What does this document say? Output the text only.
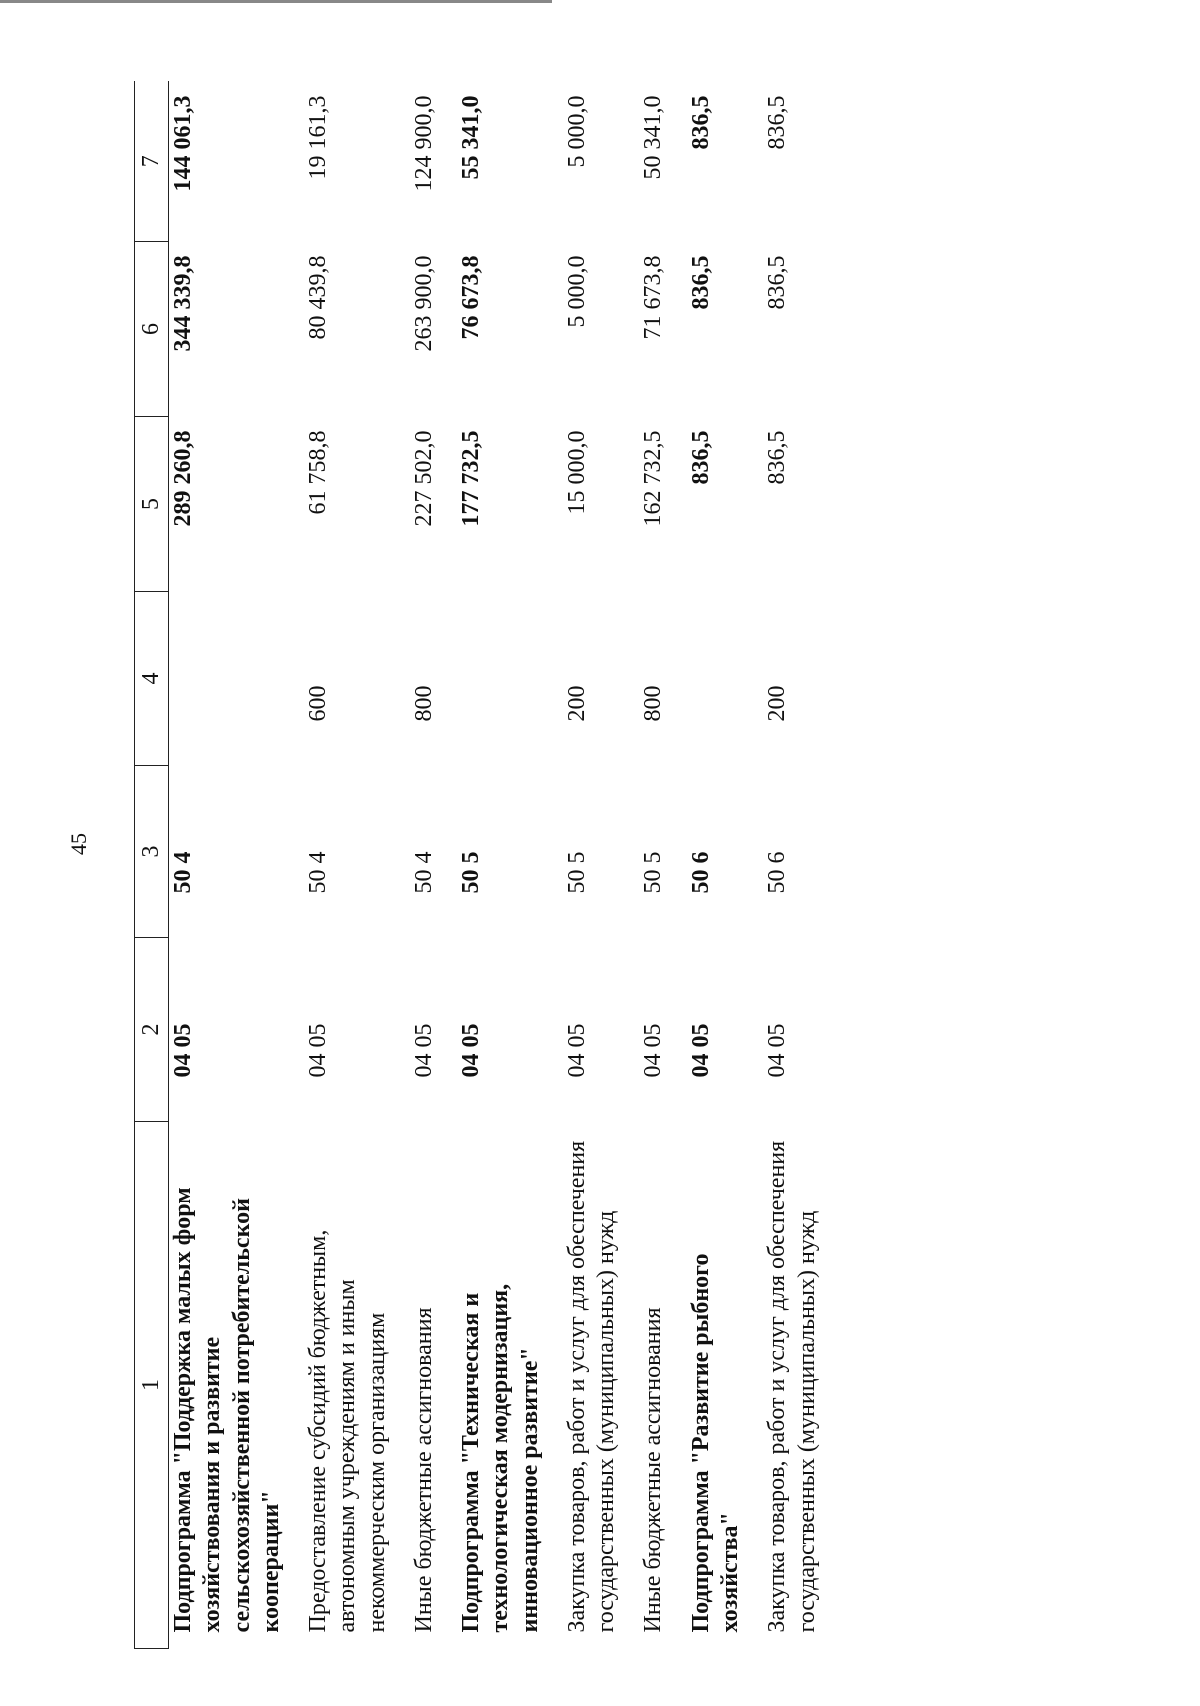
45
1	2	3	4	5	6	7
Подпрограмма "Поддержка малых форм хозяйствования и развитие сельскохозяйственной потребительской кооперации"	04 05	50 4		289 260,8	344 339,8	144 061,3
Предоставление субсидий бюджетным, автономным учреждениям и иным некоммерческим организациям	04 05	50 4	600	61 758,8	80 439,8	19 161,3
Иные бюджетные ассигнования	04 05	50 4	800	227 502,0	263 900,0	124 900,0
Подпрограмма "Техническая и технологическая модернизация, инновационное развитие"	04 05	50 5		177 732,5	76 673,8	55 341,0
Закупка товаров, работ и услуг для обеспечения государственных (муниципальных) нужд	04 05	50 5	200	15 000,0	5 000,0	5 000,0
Иные бюджетные ассигнования	04 05	50 5	800	162 732,5	71 673,8	50 341,0
Подпрограмма "Развитие рыбного хозяйства"	04 05	50 6		836,5	836,5	836,5
Закупка товаров, работ и услуг для обеспечения государственных (муниципальных) нужд	04 05	50 6	200	836,5	836,5	836,5
